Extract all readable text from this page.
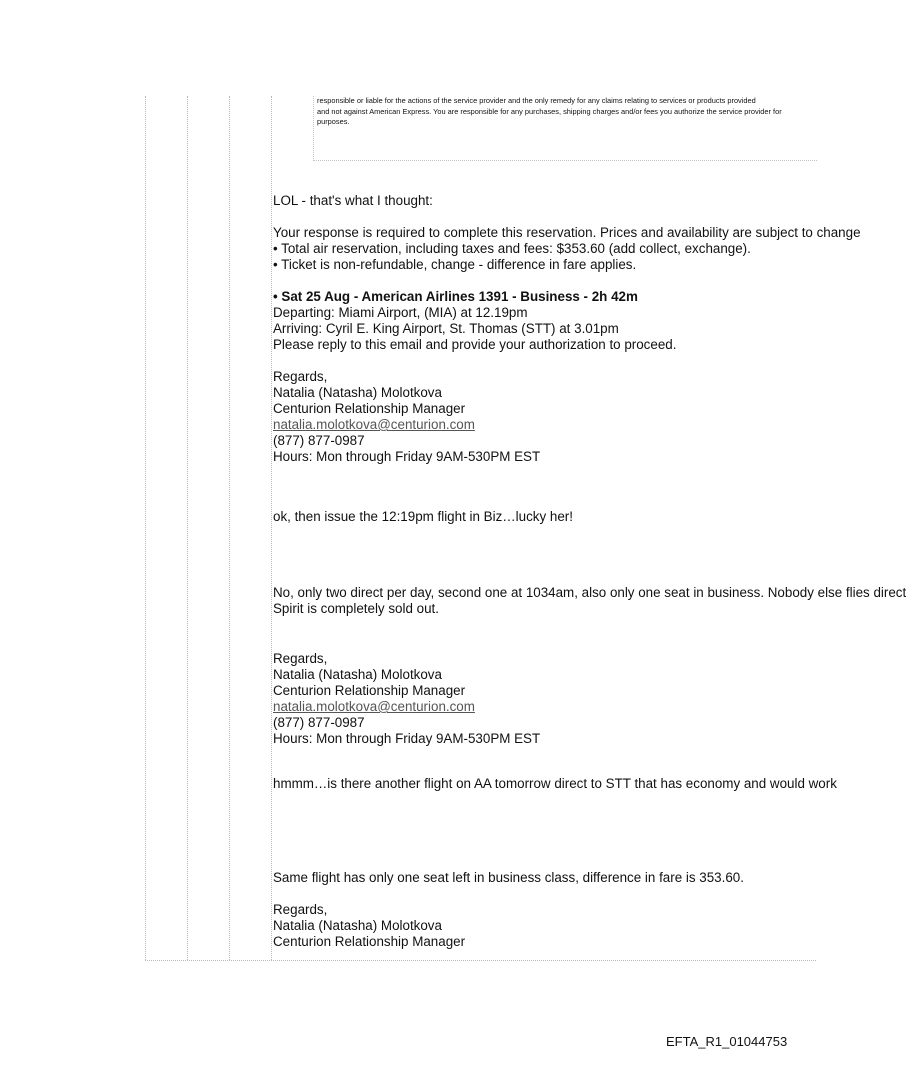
responsible or liable for the actions of the service provider and the only remedy for any claims relating to services or products provided
and not against American Express. You are responsible for any purchases, shipping charges and/or fees you authorize the service provider for
purposes.

LOL - that's what I thought:

Your response is required to complete this reservation. Prices and availability are subject to change

• Total air reservation, including taxes and fees: $353.60 (add collect, exchange).

• Ticket is non-refundable, change - difference in fare applies.

• Sat 25 Aug - American Airlines 1391 - Business - 2h 42m

Departing: Miami Airport, (MIA) at 12.19pm

Arriving: Cyril E. King Airport, St. Thomas (STT) at 3.01pm

Please reply to this email and provide your authorization to proceed.

Regards,

Natalia (Natasha) Molotkova

Centurion Relationship Manager

natalia.molotkova@centurion.com

(877) 877-0987

Hours: Mon through Friday 9AM-530PM EST

ok, then issue the 12:19pm flight in Biz…lucky her!

No, only two direct per day, second one at 1034am, also only one seat in business. Nobody else flies direct

Spirit is completely sold out.

Regards,

Natalia (Natasha) Molotkova

Centurion Relationship Manager

natalia.molotkova@centurion.com

(877) 877-0987

Hours: Mon through Friday 9AM-530PM EST

hmmm…is there another flight on AA tomorrow direct to STT that has economy and would work

Same flight has only one seat left in business class, difference in fare is 353.60.

Regards,

Natalia (Natasha) Molotkova

Centurion Relationship Manager

EFTA_R1_01044753
